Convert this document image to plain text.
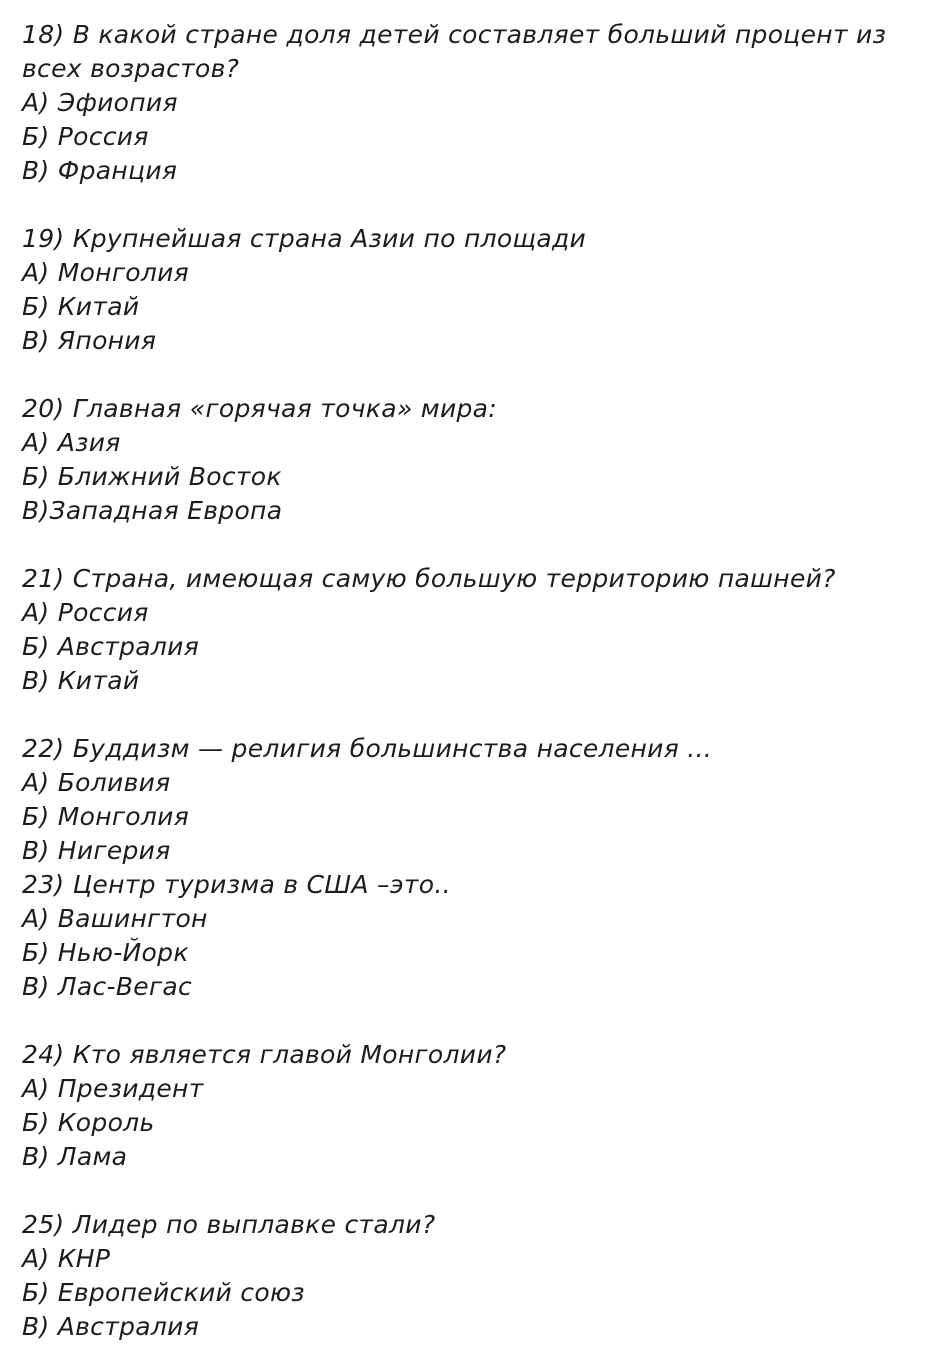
18) В какой стране доля детей составляет больший процент из всех возрастов?
А) Эфиопия
Б) Россия
В) Франция
19) Крупнейшая страна Азии по площади
А) Монголия
Б) Китай
В) Япония
20) Главная «горячая точка» мира:
А) Азия
Б) Ближний Восток
В)Западная Европа
21) Страна, имеющая самую большую территорию пашней?
А) Россия
Б) Австралия
В) Китай
22) Буддизм — религия большинства населения ...
А) Боливия
Б) Монголия
В) Нигерия
23) Центр туризма в США –это..
А) Вашингтон
Б) Нью-Йорк
В) Лас-Вегас
24) Кто является главой Монголии?
А) Президент
Б) Король
В) Лама
25) Лидер по выплавке стали?
А) КНР
Б) Европейский союз
В) Австралия
